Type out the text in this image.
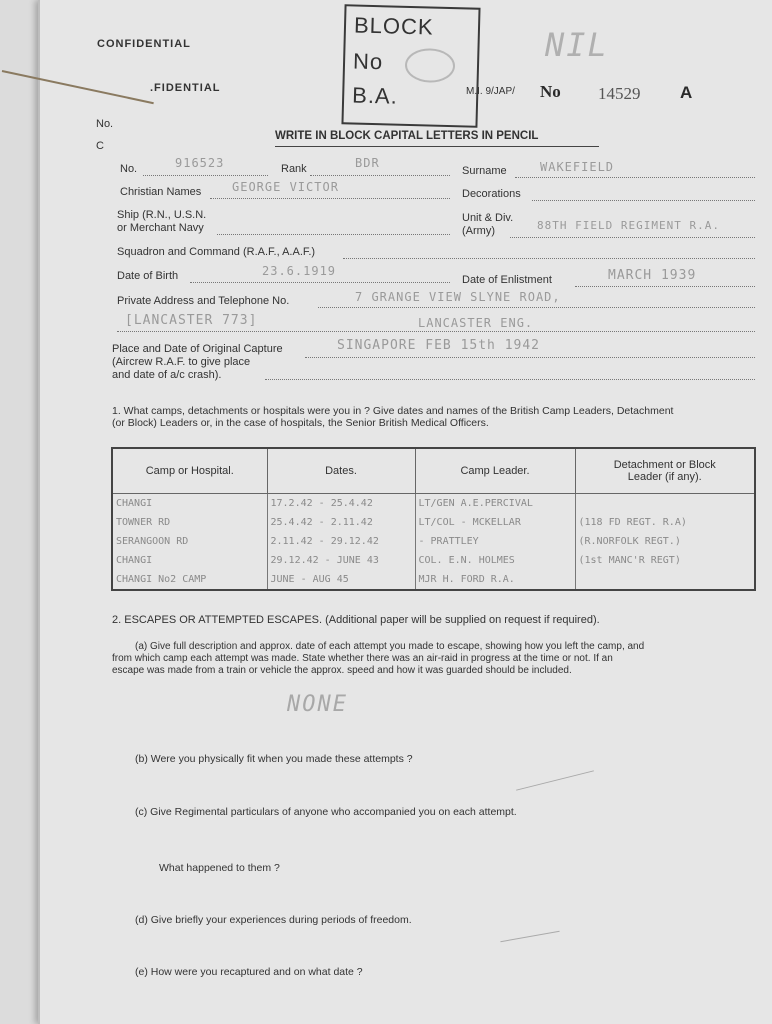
CONFIDENTIAL
.FIDENTIAL
No.
C
BLOCK
No
B.A.
NIL
M.I. 9/JAP/ No 14529 A
WRITE IN BLOCK CAPITAL LETTERS IN PENCIL
No.	916523	Rank	BDR
Surname	WAKEFIELD
Christian Names	GEORGE VICTOR	Decorations
Ship (R.N., U.S.N.
or Merchant Navy
Unit & Div.
(Army)	88TH FIELD REGIMENT R.A.
Squadron and Command (R.A.F., A.A.F.)
Date of Birth	23.6.1919
Date of Enlistment	MARCH 1939
Private Address and Telephone No.	7 GRANGE VIEW SLYNE ROAD,
[LANCASTER 773]	LANCASTER ENG.
Place and Date of Original Capture
(Aircrew R.A.F. to give place
and date of a/c crash).
SINGAPORE FEB 15th 1942
1. What camps, detachments or hospitals were you in ? Give dates and names of the British Camp Leaders, Detachment
(or Block) Leaders or, in the case of hospitals, the Senior British Medical Officers.
Camp or Hospital.	Dates.	Camp Leader.	Detachment or Block Leader (if any).
CHANGI	17.2.42 - 25.4.42	LT/GEN A.E.PERCIVAL	
TOWNER RD	25.4.42 - 2.11.42	LT/COL - MCKELLAR	(118 FD REGT. R.A)
SERANGOON RD	2.11.42 - 29.12.42	- PRATTLEY	(R.NORFOLK REGT.)
CHANGI	29.12.42 - JUNE 43	COL. E.N. HOLMES	(1st MANC'R REGT)
CHANGI No2 CAMP	JUNE - AUG 45	MJR H. FORD R.A.	
2. ESCAPES OR ATTEMPTED ESCAPES. (Additional paper will be supplied on request if required).
(a) Give full description and approx. date of each attempt you made to escape, showing how you left the camp, and
from which camp each attempt was made. State whether there was an air-raid in progress at the time or not. If an
escape was made from a train or vehicle the approx. speed and how it was guarded should be included.
NONE
(b) Were you physically fit when you made these attempts ?
(c) Give Regimental particulars of anyone who accompanied you on each attempt.
What happened to them ?
(d) Give briefly your experiences during periods of freedom.
(e) How were you recaptured and on what date ?
